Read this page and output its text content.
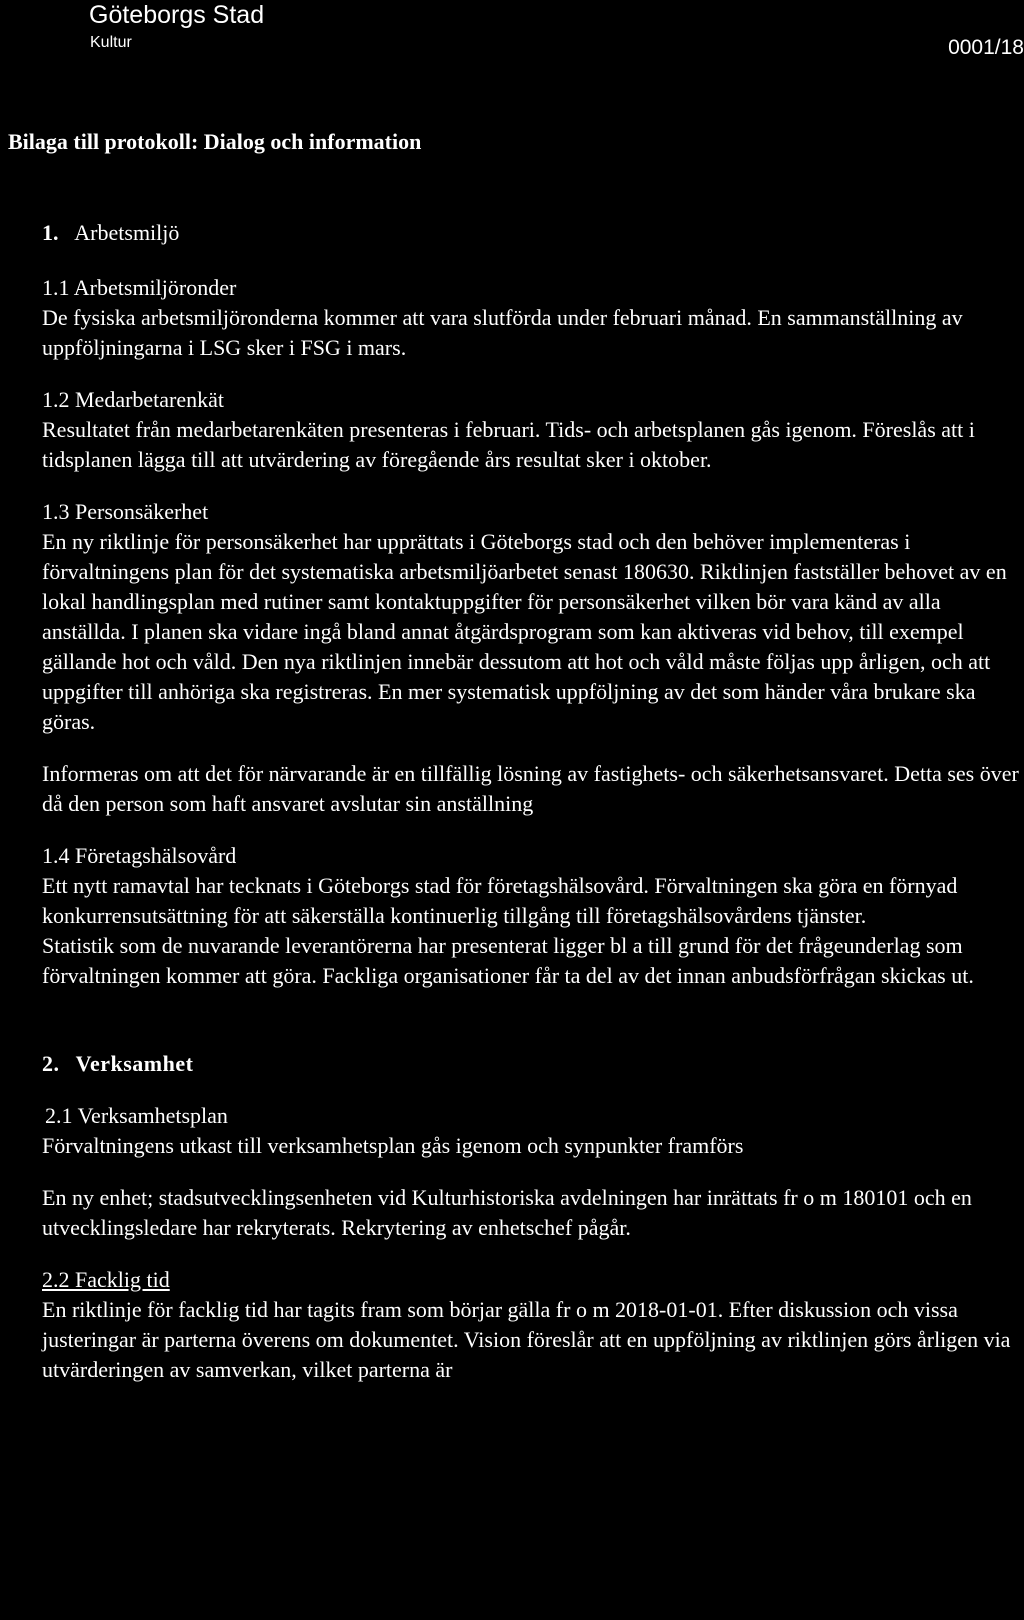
Göteborgs Stad
Kultur	0001/18
Bilaga till protokoll: Dialog och information
1. Arbetsmiljö
1.1 Arbetsmiljöronder

De fysiska arbetsmiljöronderna kommer att vara slutförda under februari månad. En sammanställning av uppföljningarna i LSG sker i FSG i mars.

1.2 Medarbetarenkät

Resultatet från medarbetarenkäten presenteras i februari. Tids- och arbetsplanen gås igenom. Föreslås att i tidsplanen lägga till att utvärdering av föregående års resultat sker i oktober.

1.3 Personsäkerhet

En ny riktlinje för personsäkerhet har upprättats i Göteborgs stad och den behöver implementeras i förvaltningens plan för det systematiska arbetsmiljöarbetet senast 180630. Riktlinjen fastställer behovet av en lokal handlingsplan med rutiner samt kontaktuppgifter för personsäkerhet vilken bör vara känd av alla anställda. I planen ska vidare ingå bland annat åtgärdsprogram som kan aktiveras vid behov, till exempel gällande hot och våld. Den nya riktlinjen innebär dessutom att hot och våld måste följas upp årligen, och att uppgifter till anhöriga ska registreras. En mer systematisk uppföljning av det som händer våra brukare ska göras.

Informeras om att det för närvarande är en tillfällig lösning av fastighets- och säkerhetsansvaret. Detta ses över då den person som haft ansvaret avslutar sin anställning

1.4 Företagshälsovård

Ett nytt ramavtal har tecknats i Göteborgs stad för företagshälsovård. Förvaltningen ska göra en förnyad konkurrensutsättning för att säkerställa kontinuerlig tillgång till företagshälsovårdens tjänster.

Statistik som de nuvarande leverantörerna har presenterat ligger bl a till grund för det frågeunderlag som förvaltningen kommer att göra. Fackliga organisationer får ta del av det innan anbudsförfrågan skickas ut.

2. Verksamhet
2.1 Verksamhetsplan

Förvaltningens utkast till verksamhetsplan gås igenom och synpunkter framförs

En ny enhet; stadsutvecklingsenheten vid Kulturhistoriska avdelningen har inrättats fr o m 180101 och en utvecklingsledare har rekryterats. Rekrytering av enhetschef pågår.

2.2 Facklig tid

En riktlinje för facklig tid har tagits fram som börjar gälla fr o m 2018-01-01. Efter diskussion och vissa justeringar är parterna överens om dokumentet. Vision föreslår att en uppföljning av riktlinjen görs årligen via utvärderingen av samverkan, vilket parterna är
